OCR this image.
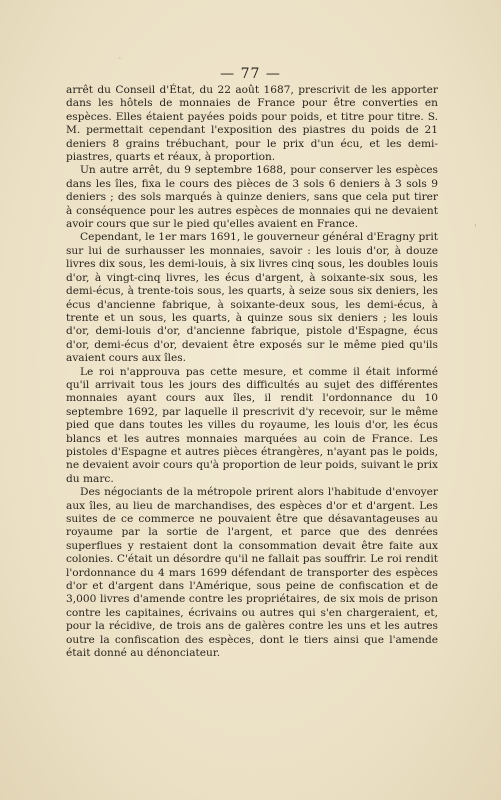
`
'
— 77 —

arrêt du Conseil d'État, du 22 août 1687, prescrivit de les apporter dans les hôtels de monnaies de France pour être converties en espèces. Elles étaient payées poids pour poids, et titre pour titre. S. M. permettait cependant l'exposition des piastres du poids de 21 deniers 8 grains trébuchant, pour le prix d'un écu, et les demi-piastres, quarts et réaux, à proportion.

Un autre arrêt, du 9 septembre 1688, pour conserver les espèces dans les îles, fixa le cours des pièces de 3 sols 6 deniers à 3 sols 9 deniers ; des sols marqués à quinze deniers, sans que cela put tirer à conséquence pour les autres espèces de monnaies qui ne devaient avoir cours que sur le pied qu'elles avaient en France.

Cependant, le 1er mars 1691, le gouverneur général d'Eragny prit sur lui de surhausser les monnaies, savoir : les louis d'or, à douze livres dix sous, les demi-louis, à six livres cinq sous, les doubles louis d'or, à vingt-cinq livres, les écus d'argent, à soixante-six sous, les demi-écus, à trente-tois sous, les quarts, à seize sous six deniers, les écus d'ancienne fabrique, à soixante-deux sous, les demi-écus, à trente et un sous, les quarts, à quinze sous six deniers ; les louis d'or, demi-louis d'or, d'ancienne fabrique, pistole d'Espagne, écus d'or, demi-écus d'or, devaient être exposés sur le même pied qu'ils avaient cours aux îles.

Le roi n'approuva pas cette mesure, et comme il était informé qu'il arrivait tous les jours des difficultés au sujet des différentes monnaies ayant cours aux îles, il rendit l'ordonnance du 10 septembre 1692, par laquelle il prescrivit d'y recevoir, sur le même pied que dans toutes les villes du royaume, les louis d'or, les écus blancs et les autres monnaies marquées au coin de France. Les pistoles d'Espagne et autres pièces étrangères, n'ayant pas le poids, ne devaient avoir cours qu'à proportion de leur poids, suivant le prix du marc.

Des négociants de la métropole prirent alors l'habitude d'envoyer aux îles, au lieu de marchandises, des espèces d'or et d'argent. Les suites de ce commerce ne pouvaient être que désavantageuses au royaume par la sortie de l'argent, et parce que des denrées superflues y restaient dont la consommation devait être faite aux colonies. C'était un désordre qu'il ne fallait pas souffrir. Le roi rendit l'ordonnance du 4 mars 1699 défendant de transporter des espèces d'or et d'argent dans l'Amérique, sous peine de confiscation et de 3,000 livres d'amende contre les propriétaires, de six mois de prison contre les capitaines, écrivains ou autres qui s'en chargeraient, et, pour la récidive, de trois ans de galères contre les uns et les autres outre la confiscation des espèces, dont le tiers ainsi que l'amende était donné au dénonciateur.
